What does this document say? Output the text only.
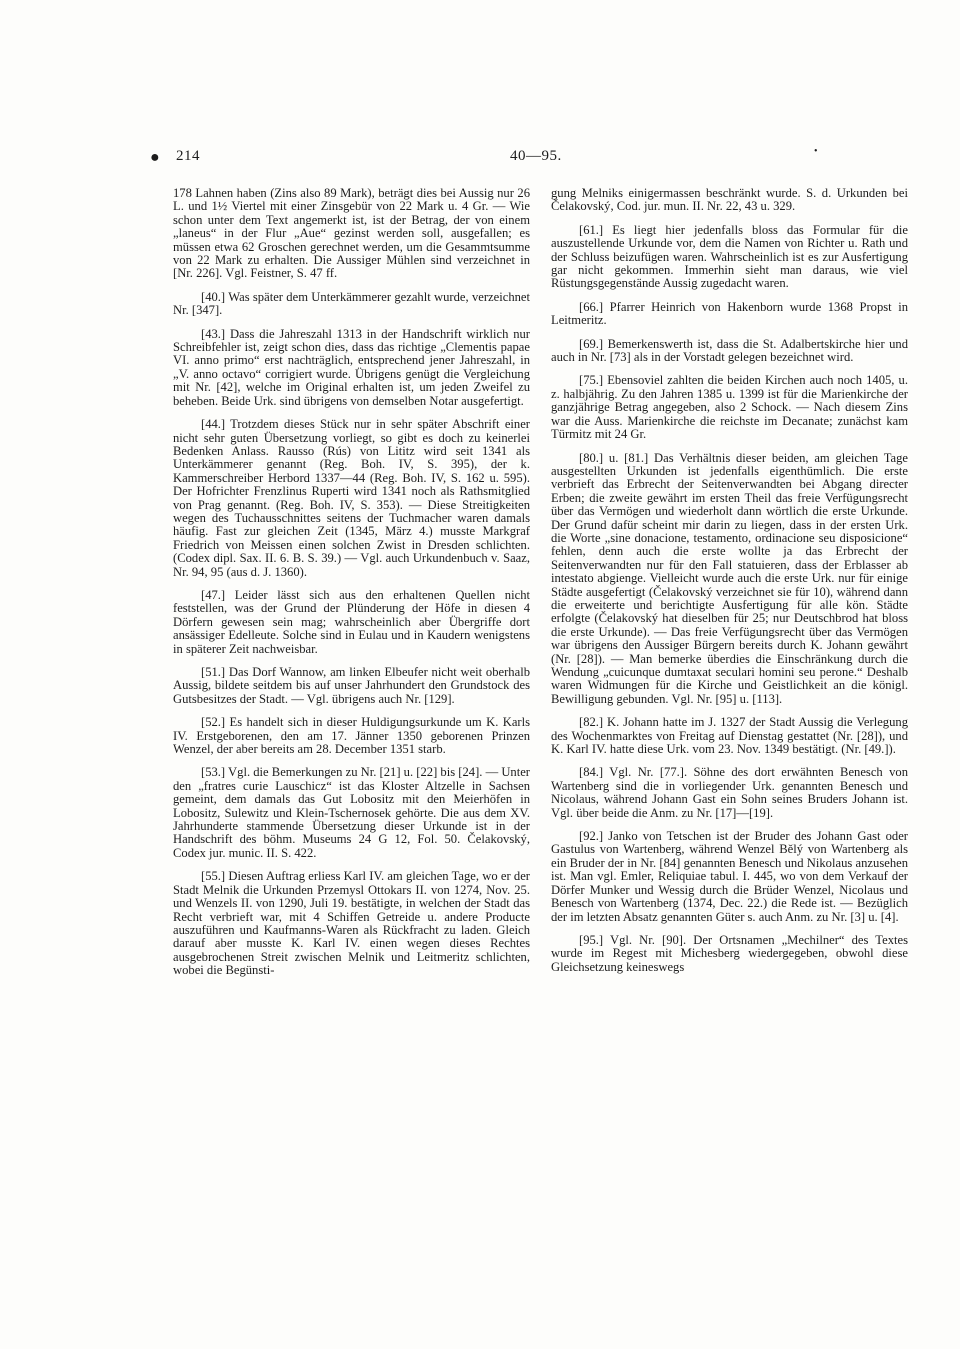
● 214	40—95.	•

178 Lahnen haben (Zins also 89 Mark), beträgt dies bei Aussig nur 26 L. und 1½ Viertel mit einer Zinsgebür von 22 Mark u. 4 Gr. — Wie schon unter dem Text angemerkt ist, ist der Betrag, der von einem „laneus“ in der Flur „Aue“ gezinst werden soll, ausgefallen; es müssen etwa 62 Groschen gerechnet werden, um die Gesammtsumme von 22 Mark zu erhalten. Die Aussiger Mühlen sind verzeichnet in [Nr. 226]. Vgl. Feistner, S. 47 ff.

[40.] Was später dem Unterkämmerer gezahlt wurde, verzeichnet Nr. [347].

[43.] Dass die Jahreszahl 1313 in der Handschrift wirklich nur Schreibfehler ist, zeigt schon dies, dass das richtige „Clementis papae VI. anno primo“ erst nachträglich, entsprechend jener Jahreszahl, in „V. anno octavo“ corrigiert wurde. Übrigens genügt die Vergleichung mit Nr. [42], welche im Original erhalten ist, um jeden Zweifel zu beheben. Beide Urk. sind übrigens von demselben Notar ausgefertigt.

[44.] Trotzdem dieses Stück nur in sehr später Abschrift einer nicht sehr guten Übersetzung vorliegt, so gibt es doch zu keinerlei Bedenken Anlass. Rausso (Rús) von Lititz wird seit 1341 als Unterkämmerer genannt (Reg. Boh. IV, S. 395), der k. Kammerschreiber Herbord 1337—44 (Reg. Boh. IV, S. 162 u. 595). Der Hofrichter Frenzlinus Ruperti wird 1341 noch als Rathsmitglied von Prag genannt. (Reg. Boh. IV, S. 353). — Diese Streitigkeiten wegen des Tuchausschnittes seitens der Tuchmacher waren damals häufig. Fast zur gleichen Zeit (1345, März 4.) musste Markgraf Friedrich von Meissen einen solchen Zwist in Dresden schlichten. (Codex dipl. Sax. II. 6. B. S. 39.) — Vgl. auch Urkundenbuch v. Saaz, Nr. 94, 95 (aus d. J. 1360).

[47.] Leider lässt sich aus den erhaltenen Quellen nicht feststellen, was der Grund der Plünderung der Höfe in diesen 4 Dörfern gewesen sein mag; wahrscheinlich aber Übergriffe dort ansässiger Edelleute. Solche sind in Eulau und in Kaudern wenigstens in späterer Zeit nachweisbar.

[51.] Das Dorf Wannow, am linken Elbeufer nicht weit oberhalb Aussig, bildete seitdem bis auf unser Jahrhundert den Grundstock des Gutsbesitzes der Stadt. — Vgl. übrigens auch Nr. [129].

[52.] Es handelt sich in dieser Huldigungsurkunde um K. Karls IV. Erstgeborenen, den am 17. Jänner 1350 geborenen Prinzen Wenzel, der aber bereits am 28. December 1351 starb.

[53.] Vgl. die Bemerkungen zu Nr. [21] u. [22] bis [24]. — Unter den „fratres curie Lauschicz“ ist das Kloster Altzelle in Sachsen gemeint, dem damals das Gut Lobositz mit den Meierhöfen in Lobositz, Sulewitz und Klein-Tschernosek gehörte. Die aus dem XV. Jahrhunderte stammende Übersetzung dieser Urkunde ist in der Handschrift des böhm. Museums 24 G 12, Fol. 50. Čelakovský, Codex jur. munic. II. S. 422.

[55.] Diesen Auftrag erliess Karl IV. am gleichen Tage, wo er der Stadt Melnik die Urkunden Przemysl Ottokars II. von 1274, Nov. 25. und Wenzels II. von 1290, Juli 19. bestätigte, in welchen der Stadt das Recht verbrieft war, mit 4 Schiffen Getreide u. andere Producte auszuführen und Kaufmanns-Waren als Rückfracht zu laden. Gleich darauf aber musste K. Karl IV. einen wegen dieses Rechtes ausgebrochenen Streit zwischen Melnik und Leitmeritz schlichten, wobei die Begünsti-

gung Melniks einigermassen beschränkt wurde. S. d. Urkunden bei Čelakovský, Cod. jur. mun. II. Nr. 22, 43 u. 329.

[61.] Es liegt hier jedenfalls bloss das Formular für die auszustellende Urkunde vor, dem die Namen von Richter u. Rath und der Schluss beizufügen waren. Wahrscheinlich ist es zur Ausfertigung gar nicht gekommen. Immerhin sieht man daraus, wie viel Rüstungsgegenstände Aussig zugedacht waren.

[66.] Pfarrer Heinrich von Hakenborn wurde 1368 Propst in Leitmeritz.

[69.] Bemerkenswerth ist, dass die St. Adalbertskirche hier und auch in Nr. [73] als in der Vorstadt gelegen bezeichnet wird.

[75.] Ebensoviel zahlten die beiden Kirchen auch noch 1405, u. z. halbjährig. Zu den Jahren 1385 u. 1399 ist für die Marienkirche der ganzjährige Betrag angegeben, also 2 Schock. — Nach diesem Zins war die Auss. Marienkirche die reichste im Decanate; zunächst kam Türmitz mit 24 Gr.

[80.] u. [81.] Das Verhältnis dieser beiden, am gleichen Tage ausgestellten Urkunden ist jedenfalls eigenthümlich. Die erste verbrieft das Erbrecht der Seitenverwandten bei Abgang directer Erben; die zweite gewährt im ersten Theil das freie Verfügungsrecht über das Vermögen und wiederholt dann wörtlich die erste Urkunde. Der Grund dafür scheint mir darin zu liegen, dass in der ersten Urk. die Worte „sine donacione, testamento, ordinacione seu disposicione“ fehlen, denn auch die erste wollte ja das Erbrecht der Seitenverwandten nur für den Fall statuieren, dass der Erblasser ab intestato abgienge. Vielleicht wurde auch die erste Urk. nur für einige Städte ausgefertigt (Čelakovský verzeichnet sie für 10), während dann die erweiterte und berichtigte Ausfertigung für alle kön. Städte erfolgte (Čelakovský hat dieselben für 25; nur Deutschbrod hat bloss die erste Urkunde). — Das freie Verfügungsrecht über das Vermögen war übrigens den Aussiger Bürgern bereits durch K. Johann gewährt (Nr. [28]). — Man bemerke überdies die Einschränkung durch die Wendung „cuicunque dumtaxat seculari homini seu perone.“ Deshalb waren Widmungen für die Kirche und Geistlichkeit an die königl. Bewilligung gebunden. Vgl. Nr. [95] u. [113].

[82.] K. Johann hatte im J. 1327 der Stadt Aussig die Verlegung des Wochenmarktes von Freitag auf Dienstag gestattet (Nr. [28]), und K. Karl IV. hatte diese Urk. vom 23. Nov. 1349 bestätigt. (Nr. [49.]).

[84.] Vgl. Nr. [77.]. Söhne des dort erwähnten Benesch von Wartenberg sind die in vorliegender Urk. genannten Benesch und Nicolaus, während Johann Gast ein Sohn seines Bruders Johann ist. Vgl. über beide die Anm. zu Nr. [17]—[19].

[92.] Janko von Tetschen ist der Bruder des Johann Gast oder Gastulus von Wartenberg, während Wenzel Bělý von Wartenberg als ein Bruder der in Nr. [84] genannten Benesch und Nikolaus anzusehen ist. Man vgl. Emler, Reliquiae tabul. I. 445, wo von dem Verkauf der Dörfer Munker und Wessig durch die Brüder Wenzel, Nicolaus und Benesch von Wartenberg (1374, Dec. 22.) die Rede ist. — Bezüglich der im letzten Absatz genannten Güter s. auch Anm. zu Nr. [3] u. [4].

[95.] Vgl. Nr. [90]. Der Ortsnamen „Mechilner“ des Textes wurde im Regest mit Michesberg wiedergegeben, obwohl diese Gleichsetzung keineswegs
